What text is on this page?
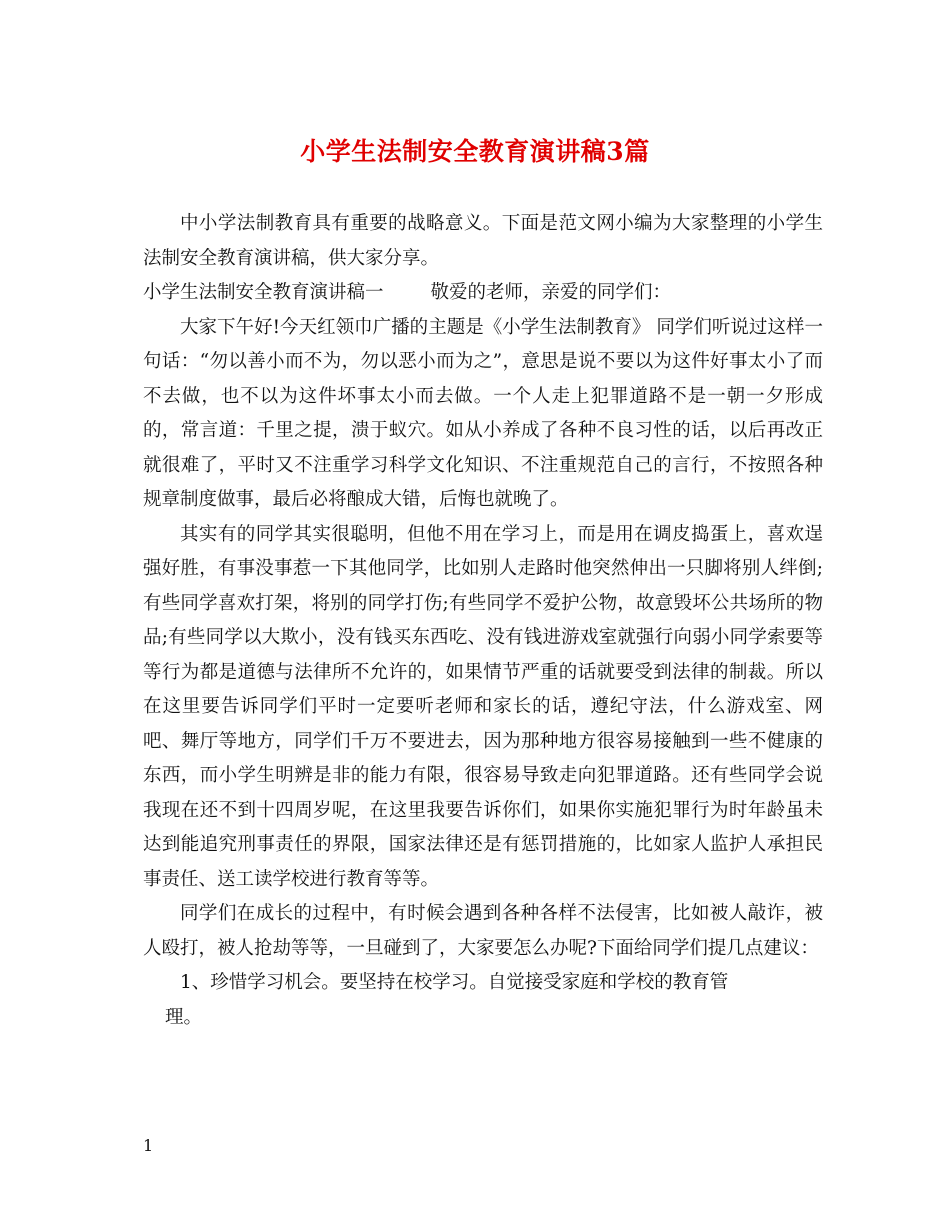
小学生法制安全教育演讲稿3篇

中小学法制教育具有重要的战略意义。下面是范文网小编为大家整理的小学生法制安全教育演讲稿，供大家分享。

小学生法制安全教育演讲稿一        敬爱的老师，亲爱的同学们：

大家下午好!今天红领巾广播的主题是《小学生法制教育》 同学们听说过这样一句话：“勿以善小而不为，勿以恶小而为之”，意思是说不要以为这件好事太小了而不去做，也不以为这件坏事太小而去做。一个人走上犯罪道路不是一朝一夕形成的，常言道：千里之提，溃于蚁穴。如从小养成了各种不良习性的话，以后再改正就很难了，平时又不注重学习科学文化知识、不注重规范自己的言行，不按照各种规章制度做事，最后必将酿成大错，后悔也就晚了。

其实有的同学其实很聪明，但他不用在学习上，而是用在调皮捣蛋上，喜欢逞强好胜，有事没事惹一下其他同学，比如别人走路时他突然伸出一只脚将别人绊倒;有些同学喜欢打架，将别的同学打伤;有些同学不爱护公物，故意毁坏公共场所的物品;有些同学以大欺小，没有钱买东西吃、没有钱进游戏室就强行向弱小同学索要等等行为都是道德与法律所不允许的，如果情节严重的话就要受到法律的制裁。所以在这里要告诉同学们平时一定要听老师和家长的话，遵纪守法，什么游戏室、网吧、舞厅等地方，同学们千万不要进去，因为那种地方很容易接触到一些不健康的东西，而小学生明辨是非的能力有限，很容易导致走向犯罪道路。还有些同学会说我现在还不到十四周岁呢，在这里我要告诉你们，如果你实施犯罪行为时年龄虽未达到能追究刑事责任的界限，国家法律还是有惩罚措施的，比如家人监护人承担民事责任、送工读学校进行教育等等。

同学们在成长的过程中，有时候会遇到各种各样不法侵害，比如被人敲诈，被人殴打，被人抢劫等等，一旦碰到了，大家要怎么办呢?下面给同学们提几点建议：

1、珍惜学习机会。要坚持在校学习。自觉接受家庭和学校的教育管

理。

1
